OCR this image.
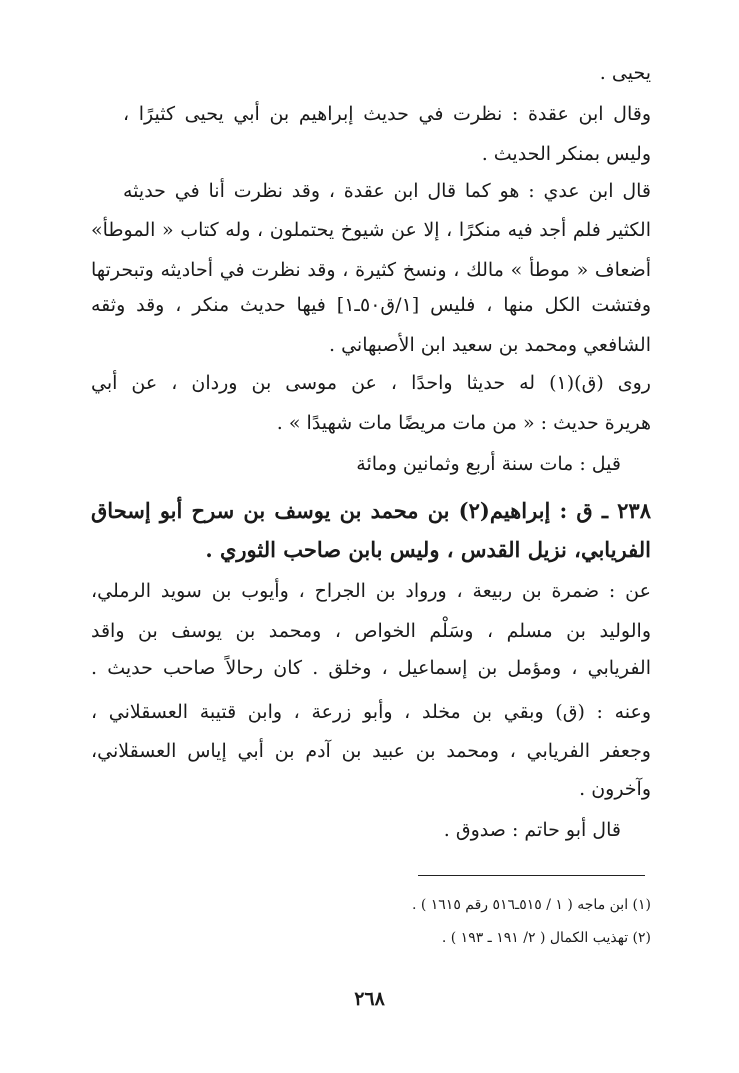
يحيى .
وقال ابن عقدة : نظرت في حديث إبراهيم بن أبي يحيى كثيرًا ،
وليس بمنكر الحديث .
قال ابن عدي : هو كما قال ابن عقدة ، وقد نظرت أنا في حديثه
الكثير فلم أجد فيه منكرًا ، إلا عن شيوخ يحتملون ، وله كتاب « الموطأ»
أضعاف « موطأ » مالك ، ونسخ كثيرة ، وقد نظرت في أحاديثه وتبحرتها
وفتشت الكل منها ، فليس [١/ق٥٠ـ١] فيها حديث منكر ، وقد وثقه
الشافعي ومحمد بن سعيد ابن الأصبهاني .
روى (ق)(١) له حديثا واحدًا ، عن موسى بن وردان ، عن أبي
هريرة حديث : « من مات مريضًا مات شهيدًا » .
قيل : مات سنة أربع وثمانين ومائة
٢٣٨ ـ ق : إبراهيم(٢) بن محمد بن يوسف بن سرح أبو إسحاق
الفريابي، نزيل القدس ، وليس بابن صاحب الثوري .
عن : ضمرة بن ربيعة ، ورواد بن الجراح ، وأيوب بن سويد الرملي،
والوليد بن مسلم ، وسَلْم الخواص ، ومحمد بن يوسف بن واقد
الفريابي ، ومؤمل بن إسماعيل ، وخلق . كان رحالاً صاحب حديث .
وعنه : (ق) وبقي بن مخلد ، وأبو زرعة ، وابن قتيبة العسقلاني ،
وجعفر الفريابي ، ومحمد بن عبيد بن آدم بن أبي إياس العسقلاني،
وآخرون .
قال أبو حاتم : صدوق .
(١) ابن ماجه ( ١ / ٥١٥ـ٥١٦ رقم ١٦١٥ ) .
(٢) تهذيب الكمال ( ٢/ ١٩١ ـ ١٩٣ ) .
٢٦٨
